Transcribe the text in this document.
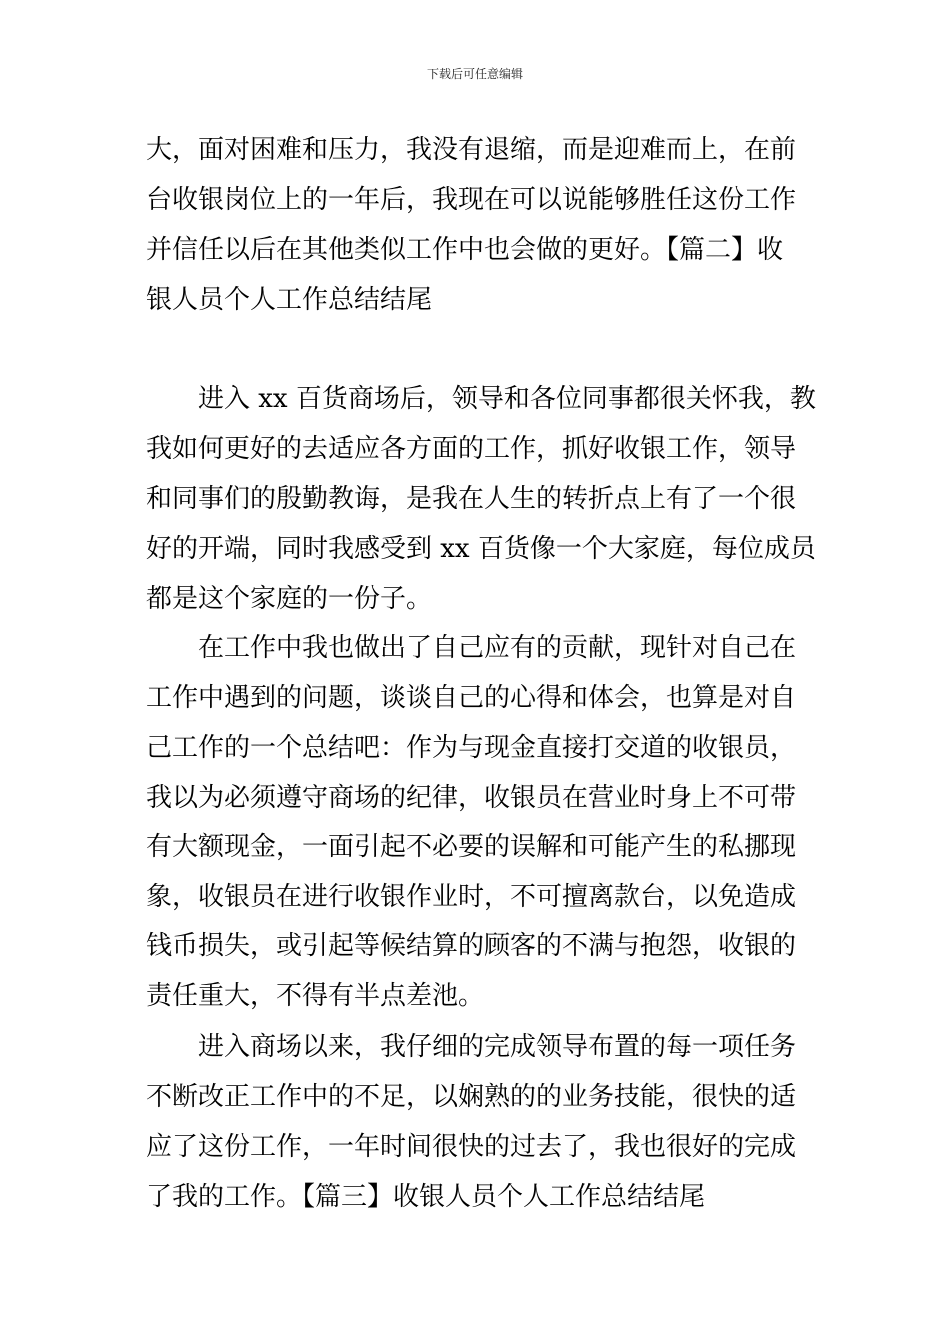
下载后可任意编辑
大，面对困难和压力，我没有退缩，而是迎难而上，在前
台收银岗位上的一年后，我现在可以说能够胜任这份工作
并信任以后在其他类似工作中也会做的更好。【篇二】收
银人员个人工作总结结尾
　　进入 xx 百货商场后，领导和各位同事都很关怀我，教
我如何更好的去适应各方面的工作，抓好收银工作，领导
和同事们的殷勤教诲，是我在人生的转折点上有了一个很
好的开端，同时我感受到 xx 百货像一个大家庭，每位成员
都是这个家庭的一份子。
　　在工作中我也做出了自己应有的贡献，现针对自己在
工作中遇到的问题，谈谈自己的心得和体会，也算是对自
己工作的一个总结吧：作为与现金直接打交道的收银员，
我以为必须遵守商场的纪律，收银员在营业时身上不可带
有大额现金，一面引起不必要的误解和可能产生的私挪现
象，收银员在进行收银作业时，不可擅离款台，以免造成
钱币损失，或引起等候结算的顾客的不满与抱怨，收银的
责任重大，不得有半点差池。
　　进入商场以来，我仔细的完成领导布置的每一项任务
不断改正工作中的不足，以娴熟的的业务技能，很快的适
应了这份工作，一年时间很快的过去了，我也很好的完成
了我的工作。【篇三】收银人员个人工作总结结尾
